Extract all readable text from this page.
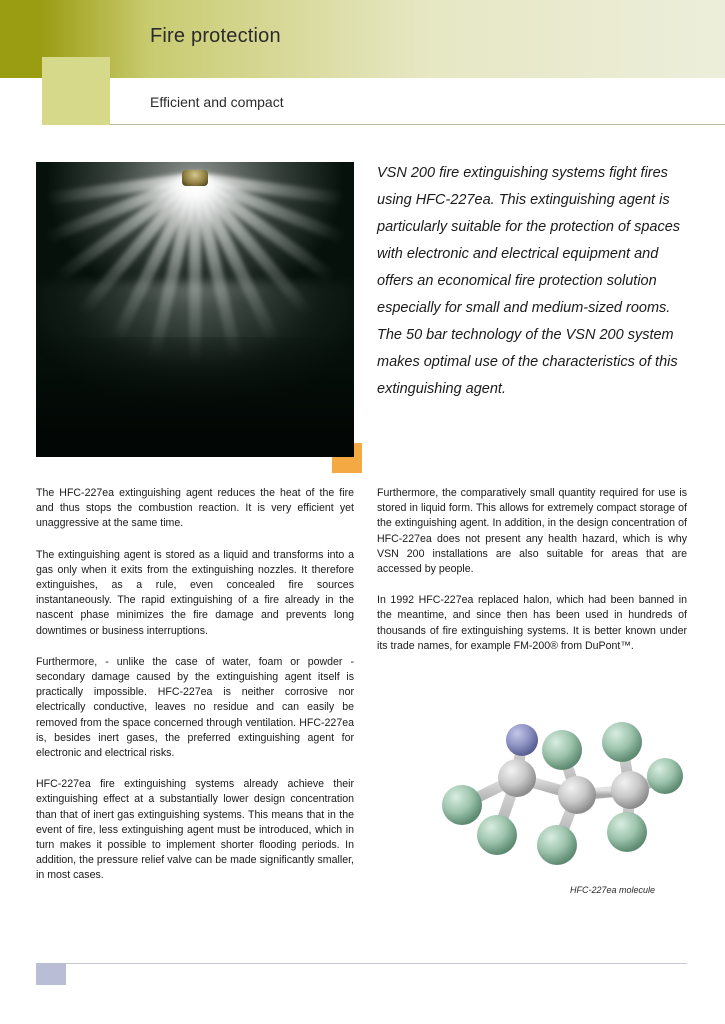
Fire protection
Efficient and compact
VSN 200 fire extinguishing systems fight fires using HFC-227ea. This extinguishing agent is particularly suitable for the protection of spaces with electronic and electrical equipment and offers an economical fire protection solution especially for small and medium-sized rooms. The 50 bar technology of the VSN 200 system makes optimal use of the characteristics of this extinguishing agent.

The HFC-227ea extinguishing agent reduces the heat of the fire and thus stops the combustion reaction. It is very efficient yet unaggressive at the same time.

The extinguishing agent is stored as a liquid and transforms into a gas only when it exits from the extinguishing nozzles. It therefore extinguishes, as a rule, even concealed fire sources instantaneously. The rapid extinguishing of a fire already in the nascent phase minimizes the fire damage and prevents long downtimes or business interruptions.

Furthermore, - unlike the case of water, foam or powder - secondary damage caused by the extinguishing agent itself is practically impossible. HFC-227ea is neither corrosive nor electrically conductive, leaves no residue and can easily be removed from the space concerned through ventilation. HFC-227ea is, besides inert gases, the preferred extinguishing agent for electronic and electrical risks.

HFC-227ea fire extinguishing systems already achieve their extinguishing effect at a substantially lower design concentration than that of inert gas extinguishing systems. This means that in the event of fire, less extinguishing agent must be introduced, which in turn makes it possible to implement shorter flooding periods. In addition, the pressure relief valve can be made significantly smaller, in most cases.

Furthermore, the comparatively small quantity required for use is stored in liquid form. This allows for extremely compact storage of the extinguishing agent. In addition, in the design concentration of HFC-227ea does not present any health hazard, which is why VSN 200 installations are also suitable for areas that are accessed by people.

In 1992 HFC-227ea replaced halon, which had been banned in the meantime, and since then has been used in hundreds of thousands of fire extinguishing systems. It is better known under its trade names, for example FM-200® from DuPont™.

HFC-227ea molecule
